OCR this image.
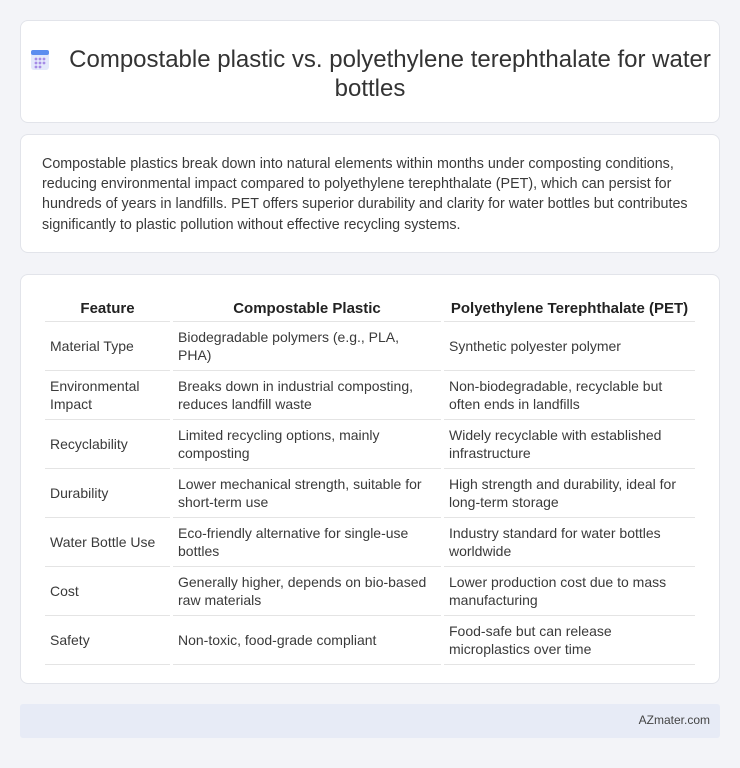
Compostable plastic vs. polyethylene terephthalate for water bottles

Compostable plastics break down into natural elements within months under composting conditions, reducing environmental impact compared to polyethylene terephthalate (PET), which can persist for hundreds of years in landfills. PET offers superior durability and clarity for water bottles but contributes significantly to plastic pollution without effective recycling systems.

Feature	Compostable Plastic	Polyethylene Terephthalate (PET)
Material Type	Biodegradable polymers (e.g., PLA, PHA)	Synthetic polyester polymer
Environmental Impact	Breaks down in industrial composting, reduces landfill waste	Non-biodegradable, recyclable but often ends in landfills
Recyclability	Limited recycling options, mainly composting	Widely recyclable with established infrastructure
Durability	Lower mechanical strength, suitable for short-term use	High strength and durability, ideal for long-term storage
Water Bottle Use	Eco-friendly alternative for single-use bottles	Industry standard for water bottles worldwide
Cost	Generally higher, depends on bio-based raw materials	Lower production cost due to mass manufacturing
Safety	Non-toxic, food-grade compliant	Food-safe but can release microplastics over time
AZmater.com
